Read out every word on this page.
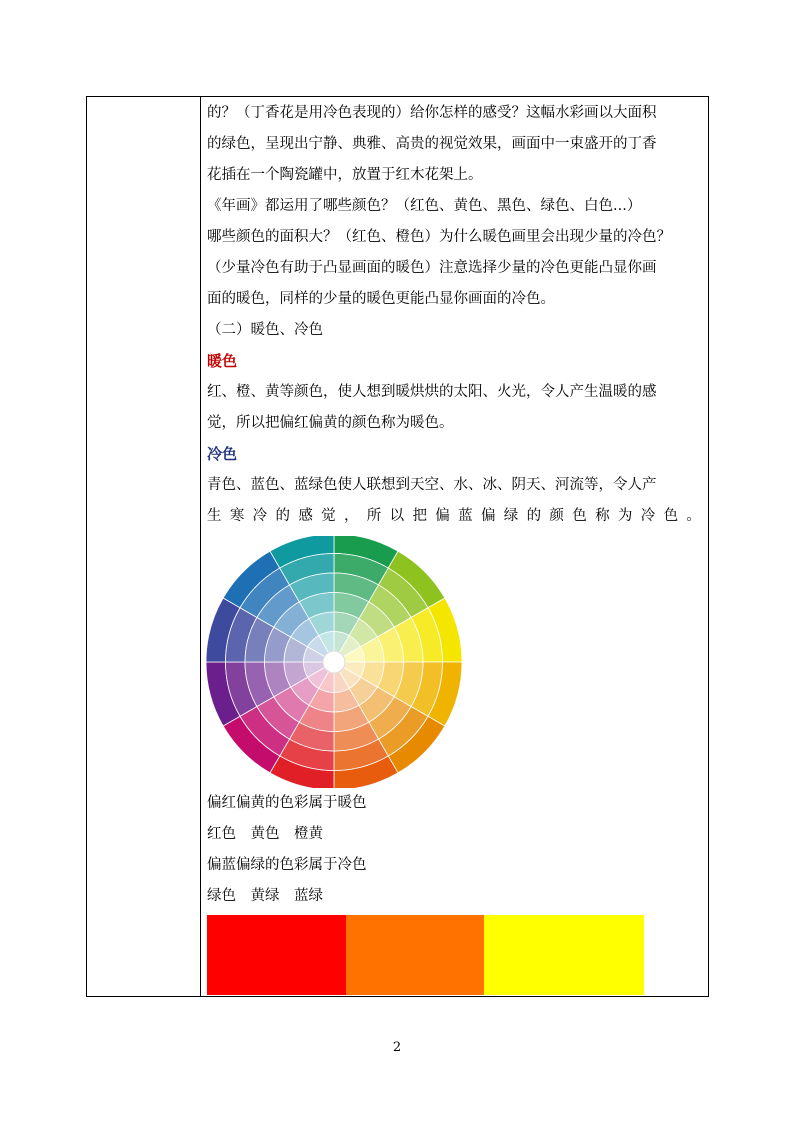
的？（丁香花是用冷色表现的）给你怎样的感受？这幅水彩画以大面积
的绿色，呈现出宁静、典雅、高贵的视觉效果，画面中一束盛开的丁香
花插在一个陶瓷罐中，放置于红木花架上。
《年画》都运用了哪些颜色？（红色、黄色、黑色、绿色、白色...）
哪些颜色的面积大？（红色、橙色）为什么暖色画里会出现少量的冷色？
（少量冷色有助于凸显画面的暖色）注意选择少量的冷色更能凸显你画
面的暖色，同样的少量的暖色更能凸显你画面的冷色。
（二）暖色、冷色
暖色
红、橙、黄等颜色，使人想到暖烘烘的太阳、火光，令人产生温暖的感
觉，所以把偏红偏黄的颜色称为暖色。
冷色
青色、蓝色、蓝绿色使人联想到天空、水、冰、阴天、河流等，令人产
生 寒 冷 的 感 觉 ， 所 以 把 偏 蓝 偏 绿 的 颜 色 称 为 冷 色 。
偏红偏黄的色彩属于暖色
红色　黄色　橙黄
偏蓝偏绿的色彩属于冷色
绿色　黄绿　蓝绿
2
